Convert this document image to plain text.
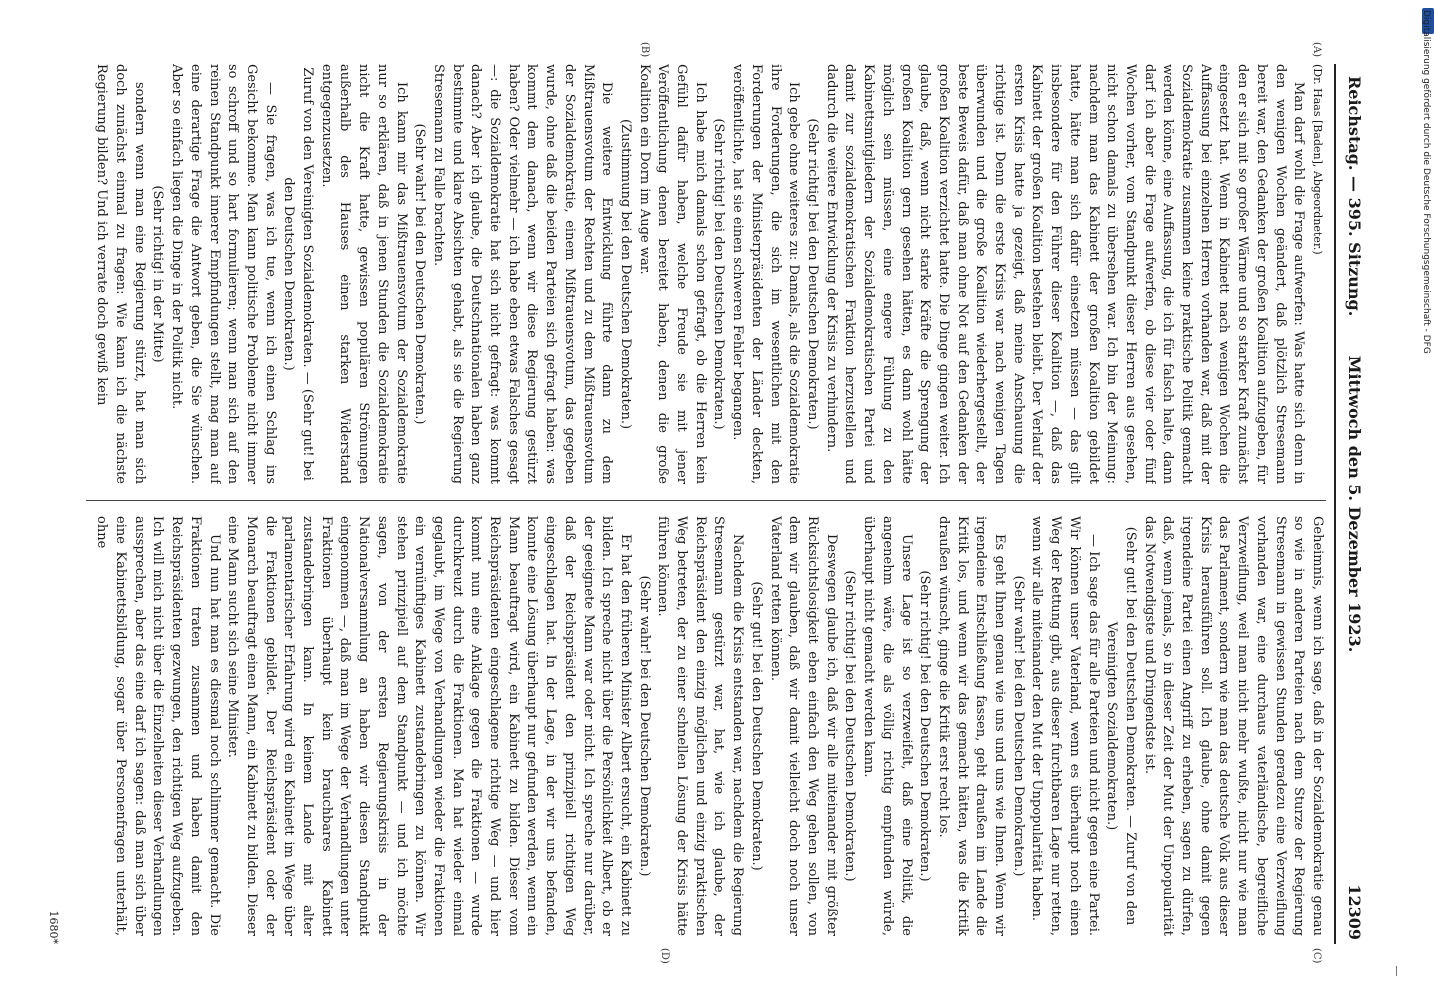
Reichstag. — 395. Sitzung.
Mittwoch den 5. Dezember 1923.
12309
(A)
(B)
(C)
(D)
(Dr. Haas [Baden], Abgeordneter.)

Man darf wohl die Frage aufwerfen: Was hatte sich denn in den wenigen Wochen geändert, daß plötzlich Stresemann bereit war, den Gedanken der großen Koalition aufzugeben, für den er sich mit so großer Wärme und so starker Kraft zunächst eingesetzt hat. Wenn in Kabinett nach wenigen Wochen die Auffassung bei einzelnen Herren vorhanden war, daß mit der Sozialdemokratie zusammen keine praktische Politik gemacht werden könne, eine Auffassung, die ich für falsch halte, dann darf ich aber die Frage aufwerfen, ob diese vier oder fünf Wochen vorher, vom Standpunkt dieser Herren aus gesehen, nicht schon damals zu übersehen war. Ich bin der Meinung: nachdem man das Kabinett der großen Koalition gebildet hatte, hätte man sich dafür einsetzen müssen — das gilt insbesondere für den Führer dieser Koalition —, daß das Kabinett der großen Koalition bestehen bleibt. Der Verlauf der ersten Krisis hatte ja gezeigt, daß meine Anschauung die richtige ist. Denn die erste Krisis war nach wenigen Tagen überwunden und die große Koalition wiederhergestellt, der beste Beweis dafür, daß man ohne Not auf den Gedanken der großen Koalition verzichtet hatte. Die Dinge gingen weiter. Ich glaube, daß, wenn nicht starke Kräfte die Sprengung der großen Koalition gern gesehen hätten, es dann wohl hätte möglich sein müssen, eine engere Fühlung zu den Kabinettsmitgliedern der Sozialdemokratischen Partei und damit zur sozialdemokratischen Fraktion herzustellen und dadurch die weitere Entwicklung der Krisis zu verhindern.

(Sehr richtig! bei den Deutschen Demokraten.)

Ich gebe ohne weiteres zu: Damals, als die Sozialdemokratie ihre Forderungen, die sich im wesentlichen mit den Forderungen der Ministerpräsidenten der Länder deckten, veröffentlichte, hat sie einen schweren Fehler begangen.

(Sehr richtig! bei den Deutschen Demokraten.)

Ich habe mich damals schon gefragt, ob die Herren kein Gefühl dafür haben, welche Freude sie mit jener Veröffentlichung denen bereitet haben, denen die große Koalition ein Dorn im Auge war.

(Zustimmung bei den Deutschen Demokraten.)

Die weitere Entwicklung führte dann zu dem Mißtrauensvotum der Rechten und zu dem Mißtrauensvotum der Sozialdemokratie, einem Mißtrauensvotum, das gegeben wurde, ohne daß die beiden Parteien sich gefragt haben: was kommt dem danach, wenn wir diese Regierung gestürzt haben? Oder vielmehr — ich habe eben etwas Falsches gesagt —: die Sozialdemokratie hat sich nicht gefragt: was kommt danach? Aber ich glaube, die Deutschnationalen haben ganz bestimmte und klare Absichten gehabt, als sie die Regierung Stresemann zu Falle brachten.

(Sehr wahr! bei den Deutschen Demokraten.)

Ich kann mir das Mißtrauensvotum der Sozialdemokratie nur so erklären, daß in jenen Stunden die Sozialdemokratie nicht die Kraft hatte, gewissen populären Strömungen außerhalb des Hauses einen starken Widerstand entgegenzusetzen.

Zuruf von den Vereinigten Sozialdemokraten. — (Sehr gut! bei den Deutschen Demokraten.)

— Sie fragen, was ich tue, wenn ich einen Schlag ins Gesicht bekomme. Man kann politische Probleme nicht immer so schroff und so hart formulieren; wenn man sich auf den reinen Standpunkt innerer Empfindungen stellt, mag man auf eine derartige Frage die Antwort geben, die Sie wünschen. Aber so einfach liegen die Dinge in der Politik nicht.

(Sehr richtig! in der Mitte)

sondern wenn man eine Regierung stürzt, hat man sich doch zunächst einmal zu fragen: Wie kann ich die nächste Regierung bilden? Und ich verrate doch gewiß kein

Geheimnis, wenn ich sage, daß in der Sozialdemokratie genau so wie in anderen Parteien nach dem Sturze der Regierung Stresemann in gewissen Stunden geradezu eine Verzweiflung vorhanden war, eine durchaus vaterländische, begreifliche Verzweiflung, weil man nicht mehr wußte, nicht nur wie man das Parlament, sondern wie man das deutsche Volk aus dieser Krisis herausführen soll. Ich glaube, ohne damit gegen irgendeine Partei einen Angriff zu erheben, sagen zu dürfen, daß, wenn jemals, so in dieser Zeit der Mut der Unpopularität das Notwendigste und Dringendste ist.

(Sehr gut! bei den Deutschen Demokraten. — Zuruf von den Vereinigten Sozialdemokraten.)

— Ich sage das für alle Parteien und nicht gegen eine Partei. Wir können unser Vaterland, wenn es überhaupt noch einen Weg der Rettung gibt, aus dieser furchtbaren Lage nur retten, wenn wir alle miteinander den Mut der Unpopularität haben.

(Sehr wahr! bei den Deutschen Demokraten.)

Es geht Ihnen genau wie uns und uns wie Ihnen. Wenn wir irgendeine Entschließung fassen, geht draußen im Lande die Kritik los, und wenn wir das gemacht hätten, was die Kritik draußen wünscht, ginge die Kritik erst recht los.

(Sehr richtig! bei den Deutschen Demokraten.)

Unsere Lage ist so verzweifelt, daß eine Politik, die angenehm wäre, die als völlig richtig empfunden würde, überhaupt nicht gemacht werden kann.

(Sehr richtig! bei den Deutschen Demokraten.)

Deswegen glaube ich, daß wir alle miteinander mit größter Rücksichtslosigkeit eben einfach den Weg gehen sollen, von dem wir glauben, daß wir damit vielleicht doch noch unser Vaterland retten können.

(Sehr gut! bei den Deutschen Demokraten.)

Nachdem die Krisis entstanden war, nachdem die Regierung Stresemann gestürzt war, hat, wie ich glaube, der Reichspräsident den einzig möglichen und einzig praktischen Weg betreten, der zu einer schnellen Lösung der Krisis hätte führen können.

(Sehr wahr! bei den Deutschen Demokraten.)

Er hat den früheren Minister Albert ersucht, ein Kabinett zu bilden. Ich spreche nicht über die Persönlichkeit Albert, ob er der geeignete Mann war oder nicht. Ich spreche nur darüber, daß der Reichspräsident den prinzipiell richtigen Weg eingeschlagen hat. In der Lage, in der wir uns befanden, konnte eine Lösung überhaupt nur gefunden werden, wenn ein Mann beauftragt wird, ein Kabinett zu bilden. Dieser vom Reichspräsidenten eingeschlagene richtige Weg — und hier kommt nun eine Anklage gegen die Fraktionen — wurde durchkreuzt durch die Fraktionen. Man hat wieder einmal geglaubt, im Wege von Verhandlungen wieder die Fraktionen ein vernünftiges Kabinett zustandebringen zu können. Wir stehen prinzipiell auf dem Standpunkt — und ich möchte sagen, von der ersten Regierungskrisis in der Nationalversammlung an haben wir diesen Standpunkt eingenommen —, daß man im Wege der Verhandlungen unter Fraktionen überhaupt kein brauchbares Kabinett zustandebringen kann. In keinem Lande mit alter parlamentarischer Erfahrung wird ein Kabinett im Wege über die Fraktionen gebildet. Der Reichspräsident oder der Monarch beauftragt einen Mann, ein Kabinett zu bilden. Dieser eine Mann sucht sich seine Minister.

Und nun hat man es diesmal noch schlimmer gemacht. Die Fraktionen traten zusammen und haben damit den Reichspräsidenten gezwungen, den richtigen Weg aufzugeben. Ich will mich nicht über die Einzelheiten dieser Verhandlungen aussprechen, aber das eine darf ich sagen: daß man sich über eine Kabinettsbildung, sogar über Personenfragen unterhält, ohne

1680*
Digitalisierung gefördert durch die Deutsche Forschungsgemeinschaft - DFG
